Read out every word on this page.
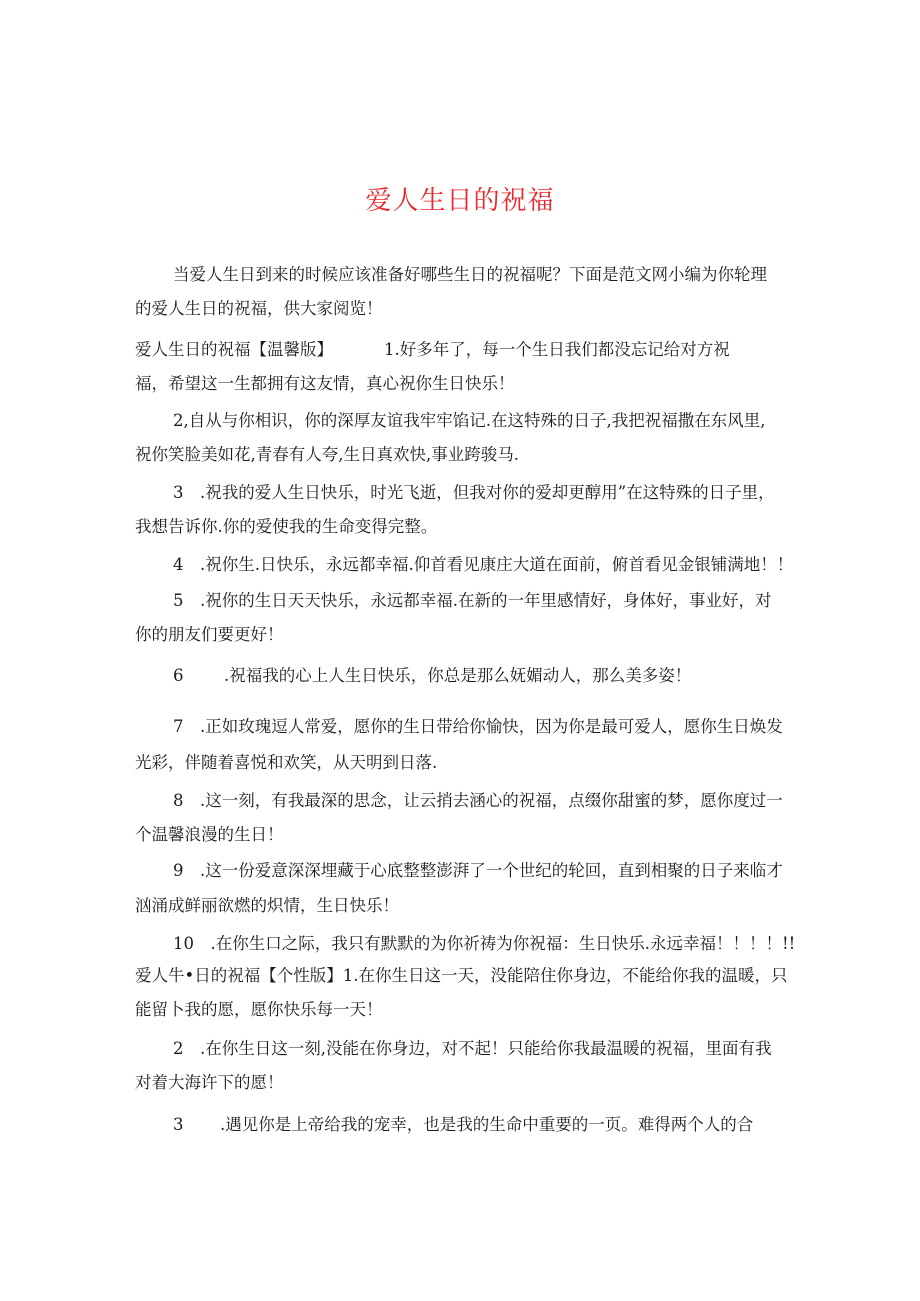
爱人生日的祝福
当爱人生日到来的时候应该准备好哪些生日的祝福呢？下面是范文网小编为你轮理
的爱人生日的祝福，供大家阅览！
爱人生日的祝福【温馨版】	1.好多年了，每一个生日我们都没忘记给对方祝
福，希望这一生都拥有这友情，真心祝你生日快乐！
2,自从与你相识，你的深厚友谊我牢牢馅记.在这特殊的日子,我把祝福撒在东风里,
祝你笑脸美如花,青春有人夸,生日真欢快,事业跨骏马.
3　.祝我的爱人生日快乐，时光飞逝，但我对你的爱却更醇用”在这特殊的日子里，
我想告诉你.你的爱使我的生命变得完整。
4　.祝你生.日快乐，永远都幸福.仰首看见康庄大道在面前，俯首看见金银铺满地！！
5　.祝你的生日天天快乐，永远都幸福.在新的一年里感情好，身体好，事业好，对
你的朋友们要更好！
6 .祝福我的心上人生日快乐，你总是那么妩媚动人，那么美多姿！
7　.正如玫瑰逗人常爱，愿你的生日带给你愉快，因为你是最可爱人，愿你生日焕发
光彩，伴随着喜悦和欢笑，从天明到日落.
8　.这一刻，有我最深的思念，让云捎去涵心的祝福，点缀你甜蜜的梦，愿你度过一
个温馨浪漫的生日！
9　.这一份爱意深深埋藏于心底整整澎湃了一个世纪的轮回，直到相聚的日子来临才
汹涌成鲜丽欲燃的炽情，生日快乐！
10　.在你生口之际，我只有默默的为你祈祷为你祝福：生日快乐.永远幸福！！！！!!
爱人牛•日的祝福【个性版】1.在你生日这一天，没能陪住你身边，不能给你我的温暖，只
能留卜我的愿，愿你快乐每一天！
2　.在你生日这一刻,没能在你身边，对不起！只能给你我最温暖的祝福，里面有我
对着大海许下的愿！
3 .遇见你是上帝给我的宠幸，也是我的生命中重要的一页。难得两个人的合
